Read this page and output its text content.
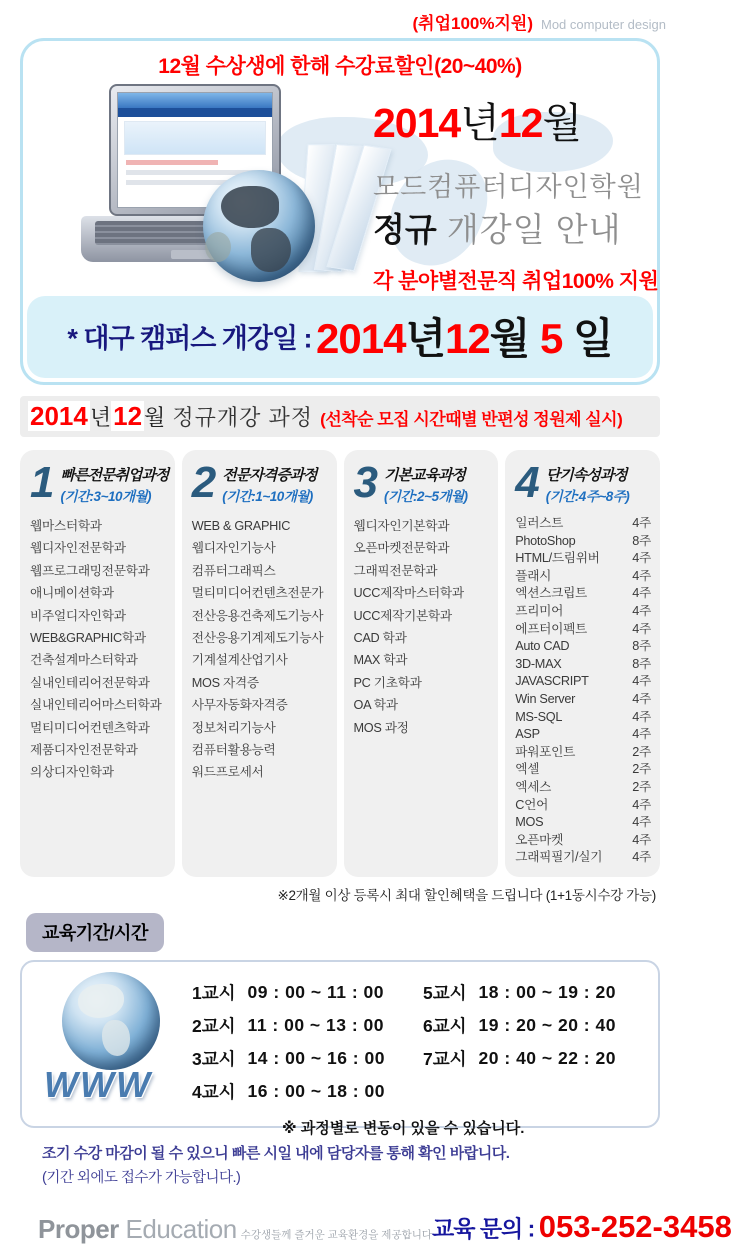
(취업100%지원) Mod computer design
12월 수상생에 한해 수강료할인(20~40%)
2014년12월
모드컴퓨터디자인학원
정규 개강일 안내
각 분야별전문직 취업100% 지원
* 대구 캠퍼스 개강일 : 2014년12월 5 일
2014년12월 정규개강 과정 (선착순 모집 시간때별 반편성 정원제 실시)
1 빠른전문취업과정
(기간:3~10개월)
웹마스터학과
웹디자인전문학과
웹프로그래밍전문학과
애니메이션학과
비주얼디자인학과
WEB&GRAPHIC학과
건축설계마스터학과
실내인테리어전문학과
실내인테리어마스터학과
멀티미디어컨텐츠학과
제품디자인전문학과
의상디자인학과
2 전문자격증과정
(기간:1~10개월)
WEB & GRAPHIC
웹디자인기능사
컴퓨터그래픽스
멀티미디어컨텐츠전문가
전산응용건축제도기능사
전산응용기계제도기능사
기계설계산업기사
MOS 자격증
사무자동화자격증
정보처리기능사
컴퓨터활용능력
워드프로세서
3 기본교육과정
(기간:2~5개월)
웹디자인기본학과
오픈마켓전문학과
그래픽전문학과
UCC제작마스터학과
UCC제작기본학과
CAD 학과
MAX 학과
PC 기초학과
OA 학과
MOS 과정
4 단기속성과정
(기간:4주~8주)
일러스트	4주
PhotoShop	8주
HTML/드림위버	4주
플래시	4주
엑션스크립트	4주
프리미어	4주
에프터이펙트	4주
Auto CAD	8주
3D-MAX	8주
JAVASCRIPT	4주
Win Server	4주
MS-SQL	4주
ASP	4주
파워포인트	2주
엑셀	2주
엑세스	2주
C언어	4주
MOS	4주
오픈마켓	4주
그래픽필기/실기 4주
※2개월 이상 등록시 최대 할인혜택을 드립니다 (1+1동시수강 가능)
교육기간/시간
WWW
1교시 09 : 00 ~ 11 : 00
2교시 11 : 00 ~ 13 : 00
3교시 14 : 00 ~ 16 : 00
4교시 16 : 00 ~ 18 : 00
5교시 18 : 00 ~ 19 : 20
6교시 19 : 20 ~ 20 : 40
7교시 20 : 40 ~ 22 : 20
※ 과정별로 변동이 있을 수 있습니다.
조기 수강 마감이 될 수 있으니 빠른 시일 내에 담당자를 통해 확인 바랍니다.
(기간 외에도 접수가 가능합니다.)
Proper Education 수강생들께 즐거운 교육환경을 제공합니다 교육 문의 : 053-252-3458
